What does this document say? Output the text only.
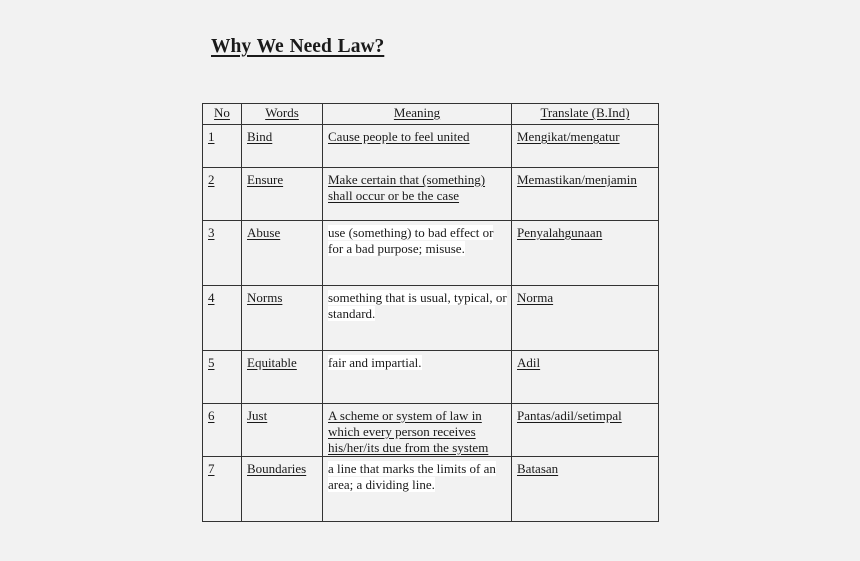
Why We Need Law?
No	Words	Meaning	Translate (B.Ind)
1	Bind	Cause people to feel united	Mengikat/mengatur
2	Ensure	Make certain that (something) shall occur or be the case	Memastikan/menjamin
3	Abuse	use (something) to bad effect or for a bad purpose; misuse.	Penyalahgunaan
4	Norms	something that is usual, typical, or standard.	Norma
5	Equitable	fair and impartial.	Adil
6	Just	A scheme or system of law in which every person receives his/her/its due from the system	Pantas/adil/setimpal
7	Boundaries	a line that marks the limits of an area; a dividing line.	Batasan
